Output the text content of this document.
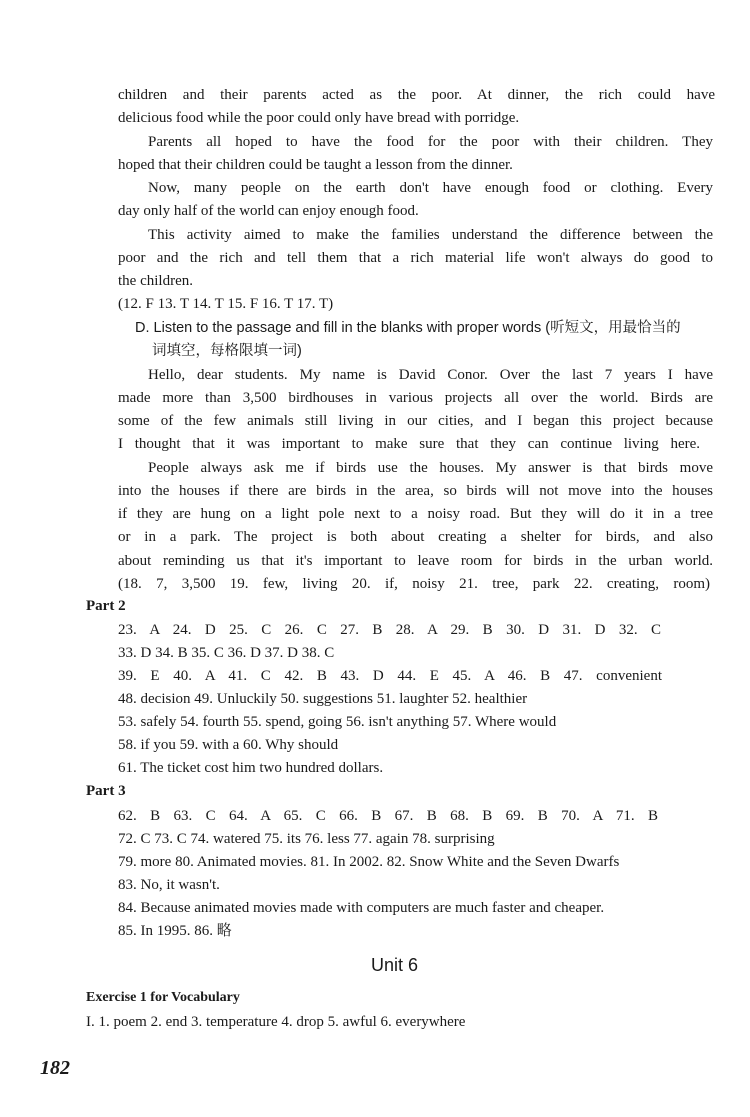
children and their parents acted as the poor. At dinner, the rich could have
delicious food while the poor could only have bread with porridge.
Parents all hoped to have the food for the poor with their children. They
hoped that their children could be taught a lesson from the dinner.
Now, many people on the earth don't have enough food or clothing. Every
day only half of the world can enjoy enough food.
This activity aimed to make the families understand the difference between the
poor and the rich and tell them that a rich material life won't always do good to
the children.
(12. F 13. T 14. T 15. F 16. T 17. T)
D. Listen to the passage and fill in the blanks with proper words (听短文，用最恰当的
词填空，每格限填一词)
Hello, dear students. My name is David Conor. Over the last 7 years I have
made more than 3,500 birdhouses in various projects all over the world. Birds are
some of the few animals still living in our cities, and I began this project because
I thought that it was important to make sure that they can continue living here.
People always ask me if birds use the houses. My answer is that birds move
into the houses if there are birds in the area, so birds will not move into the houses
if they are hung on a light pole next to a noisy road. But they will do it in a tree
or in a park. The project is both about creating a shelter for birds, and also
about reminding us that it's important to leave room for birds in the urban world.
(18. 7, 3,500 19. few, living 20. if, noisy 21. tree, park 22. creating, room)
Part 2
23. A 24. D 25. C 26. C 27. B 28. A 29. B 30. D 31. D 32. C
33. D 34. B 35. C 36. D 37. D 38. C
39. E 40. A 41. C 42. B 43. D 44. E 45. A 46. B 47. convenient
48. decision 49. Unluckily 50. suggestions 51. laughter 52. healthier
53. safely 54. fourth 55. spend, going 56. isn't anything 57. Where would
58. if you 59. with a 60. Why should
61. The ticket cost him two hundred dollars.
Part 3
62. B 63. C 64. A 65. C 66. B 67. B 68. B 69. B 70. A 71. B
72. C 73. C 74. watered 75. its 76. less 77. again 78. surprising
79. more 80. Animated movies. 81. In 2002. 82. Snow White and the Seven Dwarfs
83. No, it wasn't.
84. Because animated movies made with computers are much faster and cheaper.
85. In 1995. 86. 略
Unit 6
Exercise 1 for Vocabulary
I. 1. poem 2. end 3. temperature 4. drop 5. awful 6. everywhere
182
